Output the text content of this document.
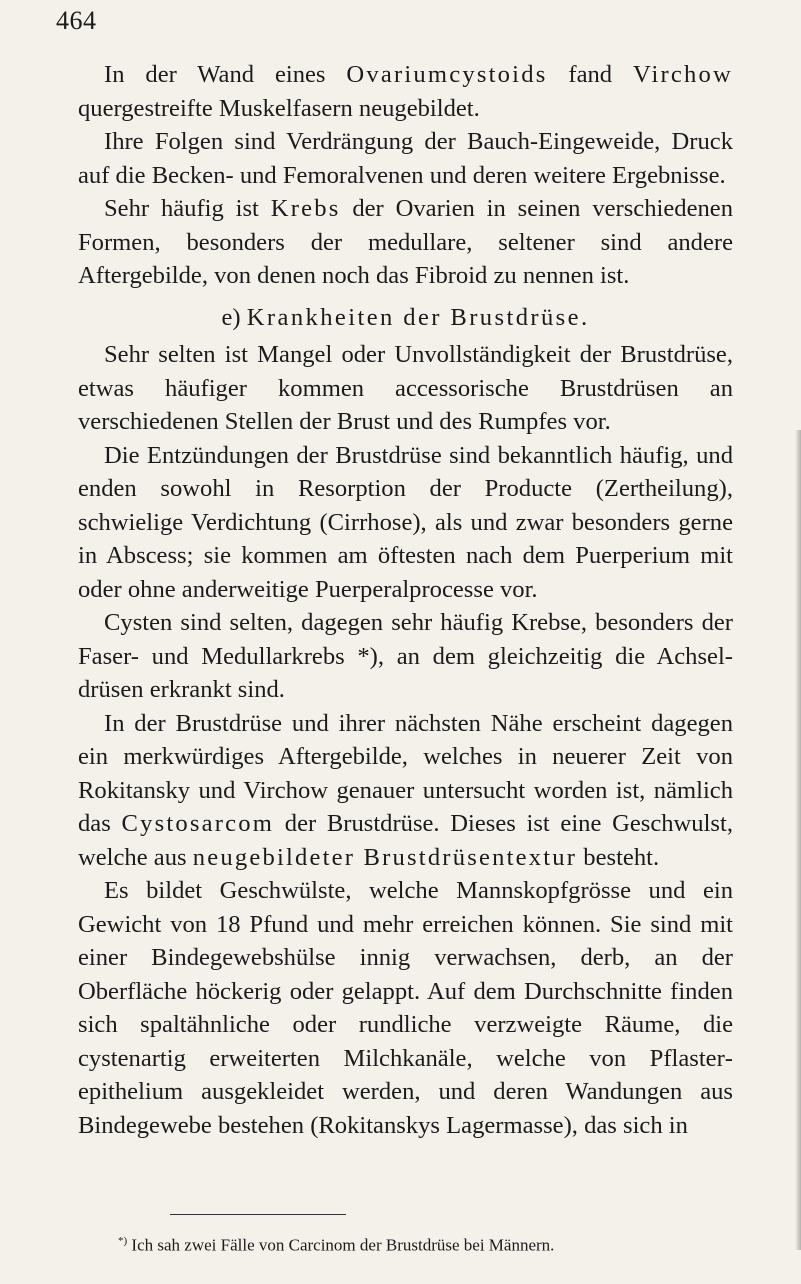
464

In der Wand eines Ovariumcystoids fand Virchow quergestreifte Muskelfasern neugebildet.

Ihre Folgen sind Verdrängung der Bauch-Eingeweide, Druck auf die Becken- und Femoralvenen und deren weitere Ergebnisse.

Sehr häufig ist Krebs der Ovarien in seinen verschiedenen Formen, besonders der medullare, seltener sind andere Aftergebilde, von denen noch das Fibroid zu nennen ist.

e) Krankheiten der Brustdrüse.

Sehr selten ist Mangel oder Unvollständigkeit der Brustdrüse, etwas häufiger kommen accessorische Brustdrüsen an verschiedenen Stellen der Brust und des Rumpfes vor.

Die Entzündungen der Brustdrüse sind bekanntlich häufig, und enden sowohl in Resorption der Producte (Zertheilung), schwielige Verdichtung (Cirrhose), als und zwar besonders gerne in Abscess; sie kommen am öftesten nach dem Puerperium mit oder ohne anderweitige Puerperalprocesse vor.

Cysten sind selten, dagegen sehr häufig Krebse, besonders der Faser- und Medullarkrebs *), an dem gleichzeitig die Achseldrüsen erkrankt sind.

In der Brustdrüse und ihrer nächsten Nähe erscheint dagegen ein merkwürdiges Aftergebilde, welches in neuerer Zeit von Rokitansky und Virchow genauer untersucht worden ist, nämlich das Cystosarcom der Brustdrüse. Dieses ist eine Geschwulst, welche aus neugebildeter Brustdrüsentextur besteht.

Es bildet Geschwülste, welche Mannskopfgrösse und ein Gewicht von 18 Pfund und mehr erreichen können. Sie sind mit einer Bindegewebshülse innig verwachsen, derb, an der Oberfläche höckerig oder gelappt. Auf dem Durchschnitte finden sich spaltähnliche oder rundliche verzweigte Räume, die cystenartig erweiterten Milchkanäle, welche von Pflasterepithelium ausgekleidet werden, und deren Wandungen aus Bindegewebe bestehen (Rokitanskys Lagermasse), das sich in

*) Ich sah zwei Fälle von Carcinom der Brustdrüse bei Männern.
